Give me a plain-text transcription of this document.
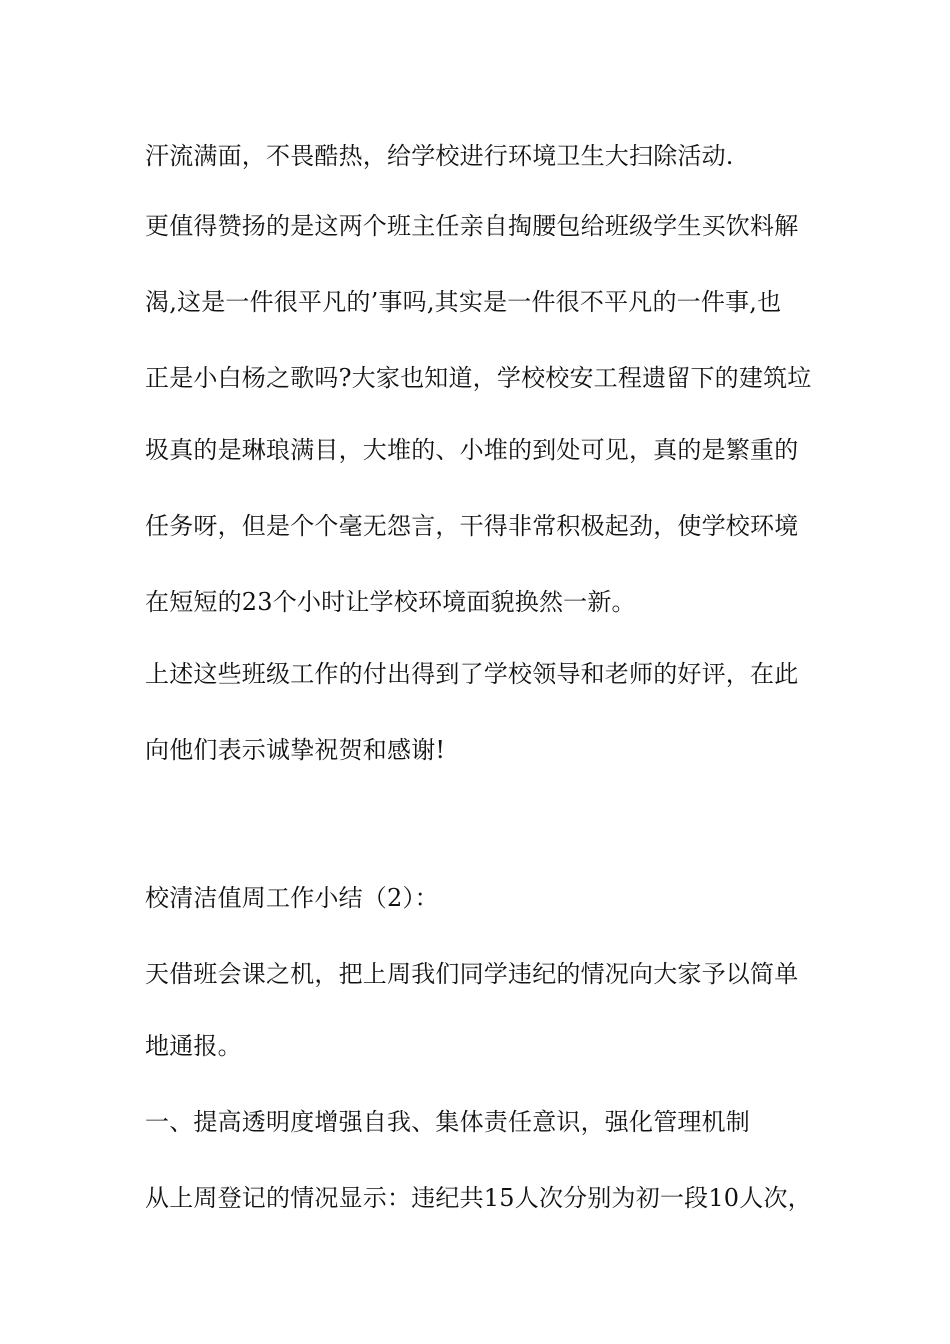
汗流满面，不畏酷热，给学校进行环境卫生大扫除活动.
更值得赞扬的是这两个班主任亲自掏腰包给班级学生买饮料解
渴,这是一件很平凡的’事吗,其实是一件很不平凡的一件事,也
正是小白杨之歌吗?大家也知道，学校校安工程遗留下的建筑垃
圾真的是琳琅满目，大堆的、小堆的到处可见，真的是繁重的
任务呀，但是个个毫无怨言，干得非常积极起劲，使学校环境
在短短的23个小时让学校环境面貌换然一新。
上述这些班级工作的付出得到了学校领导和老师的好评，在此
向他们表示诚挚祝贺和感谢!
校清洁值周工作小结（2）：
天借班会课之机，把上周我们同学违纪的情况向大家予以简单
地通报。
一、提高透明度增强自我、集体责任意识，强化管理机制
从上周登记的情况显示：违纪共15人次分别为初一段10人次，
